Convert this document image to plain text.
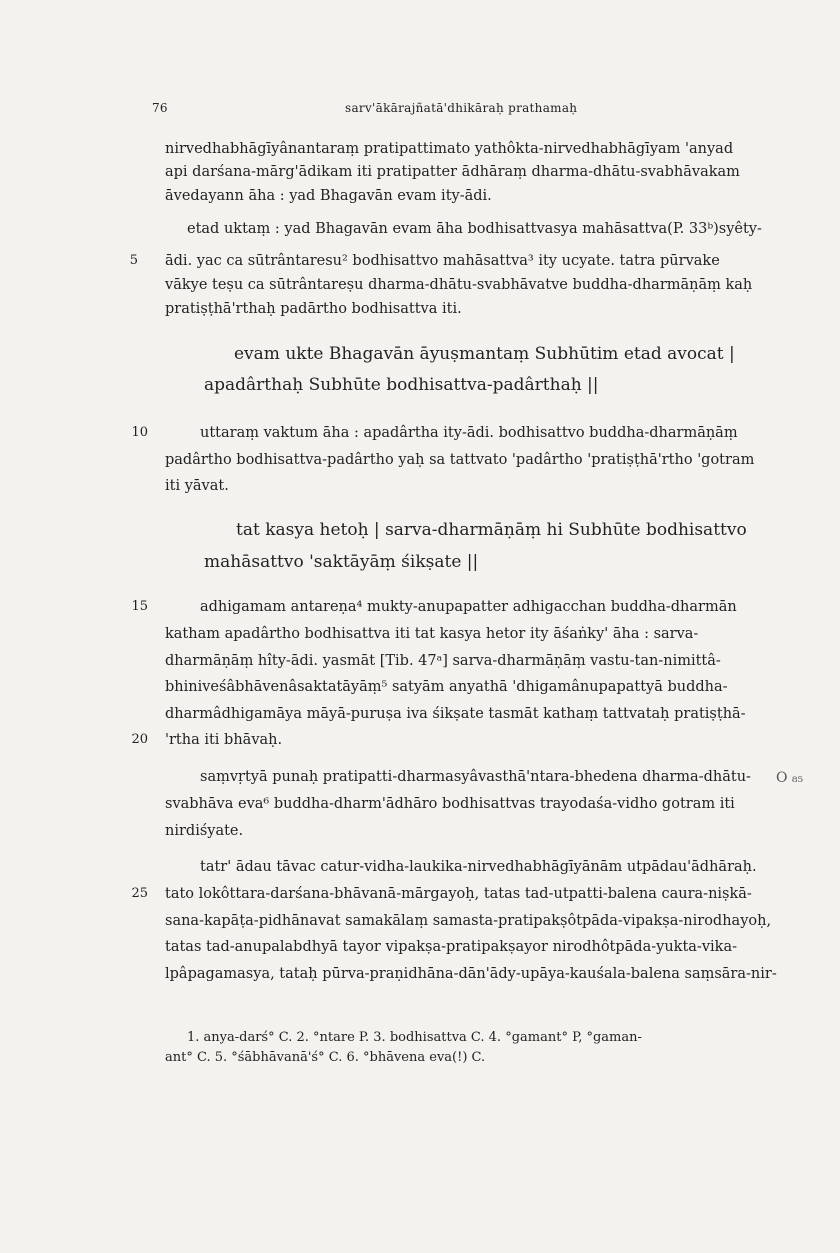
76	sarv'ākārajñatā'dhikāraḥ prathamaḥ
nirvedhabhāgīyânantaraṃ pratipattimato yathôkta-nirvedhabhāgīyam 'anyad
api darśana-mārg'ādikam iti pratipatter ādhāraṃ dharma-dhātu-svabhāvakam
āvedayann āha : yad Bhagavān evam ity-ādi.
etad uktaṃ : yad Bhagavān evam āha bodhisattvasya mahāsattva(P. 33ᵇ)syêty-
5 ādi. yac ca sūtrântaresu² bodhisattvo mahāsattva³ ity ucyate. tatra pūrvake
vākye teṣu ca sūtrântareṣu dharma-dhātu-svabhāvatve buddha-dharmāṇāṃ kaḥ
pratiṣṭhā'rthaḥ padārtho bodhisattva iti.
evam ukte Bhagavān āyuṣmantaṃ Subhūtim etad avocat |
apadârthaḥ Subhūte bodhisattva-padârthaḥ ||
10	uttaraṃ vaktum āha : apadârtha ity-ādi. bodhisattvo buddha-dharmāṇāṃ
padârtho bodhisattva-padârtho yaḥ sa tattvato 'padârtho 'pratiṣṭhā'rtho 'gotram
iti yāvat.
tat kasya hetoḥ | sarva-dharmāṇāṃ hi Subhūte bodhisattvo
mahāsattvo 'saktāyāṃ śikṣate ||
15	adhigamam antareṇa⁴ mukty-anupapatter adhigacchan buddha-dharmān
katham apadârtho bodhisattva iti tat kasya hetor ity āśaṅky' āha : sarva-
dharmāṇāṃ hîty-ādi. yasmāt [Tib. 47ᵃ] sarva-dharmāṇāṃ vastu-tan-nimittâ-
bhiniveśâbhāvenâsaktatāyāṃ⁵ satyām anyathā 'dhigamânupapattyā buddha-
dharmâdhigamāya māyā-puruṣa iva śikṣate tasmāt kathaṃ tattvataḥ pratiṣṭhā-
20 'rtha iti bhāvaḥ.
saṃvṛtyā punaḥ pratipatti-dharmasyâvasthā'ntara-bhedena dharma-dhātu-
svabhāva eva⁶ buddha-dharm'ādhāro bodhisattvas trayodaśa-vidho gotram iti
nirdiśyate.
tatr' ādau tāvac catur-vidha-laukika-nirvedhabhāgīyānām utpādau'ādhāraḥ.
25 tato lokôttara-darśana-bhāvanā-mārgayoḥ, tatas tad-utpatti-balena caura-niṣkā-
sana-kapāṭa-pidhānavat samakālaṃ samasta-pratipakṣôtpāda-vipakṣa-nirodhayoḥ,
tatas tad-anupalabdhyā tayor vipakṣa-pratipakṣayor nirodhôtpāda-yukta-vika-
lpâpagamasya, tataḥ pūrva-praṇidhāna-dān'ādy-upāya-kauśala-balena saṃsāra-nir-
1. anya-darś° C. 2. °ntare P. 3. bodhisattva C. 4. °gamant° P, °gaman-
ant° C. 5. °śābhāvanā'ś° C. 6. °bhāvena eva(!) C.
O ₈₅
